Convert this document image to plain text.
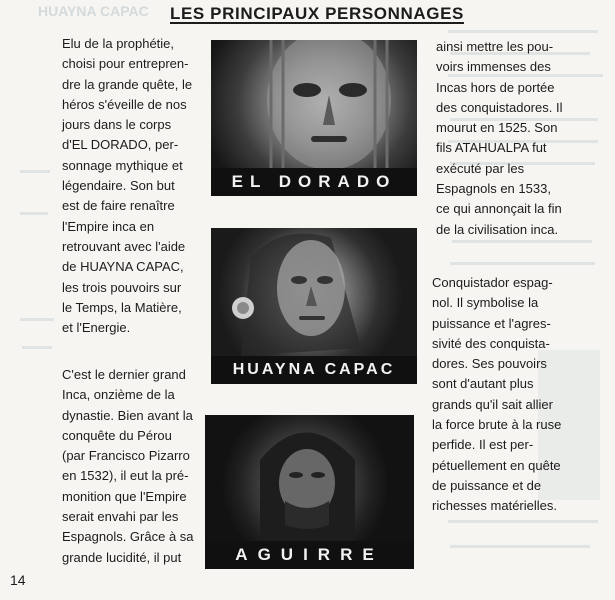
HUAYNA CAPAC LES PRINCIPAUX PERSONNAGES
Elu de la prophétie,
choisi pour entrepren-
dre la grande quête, le
héros s'éveille de nos
jours dans le corps
d'EL DORADO, per-
sonnage mythique et
légendaire. Son but
est de faire renaître
l'Empire inca en
retrouvant avec l'aide
de HUAYNA CAPAC,
les trois pouvoirs sur
le Temps, la Matière,
et l'Energie.
C'est le dernier grand
Inca, onzième de la
dynastie. Bien avant la
conquête du Pérou
(par Francisco Pizarro
en 1532), il eut la pré-
monition que l'Empire
serait envahi par les
Espagnols. Grâce à sa
grande lucidité, il put
ainsi mettre les pou-
voirs immenses des
Incas hors de portée
des conquistadores. Il
mourut en 1525. Son
fils ATAHUALPA fut
exécuté par les
Espagnols en 1533,
ce qui annonçait la fin
de la civilisation inca.
Conquistador espag-
nol. Il symbolise la
puissance et l'agres-
sivité des conquista-
dores. Ses pouvoirs
sont d'autant plus
grands qu'il sait allier
la force brute à la ruse
perfide. Il est per-
pétuellement en quête
de puissance et de
richesses matérielles.
EL DORADO
HUAYNA CAPAC
AGUIRRE
14
